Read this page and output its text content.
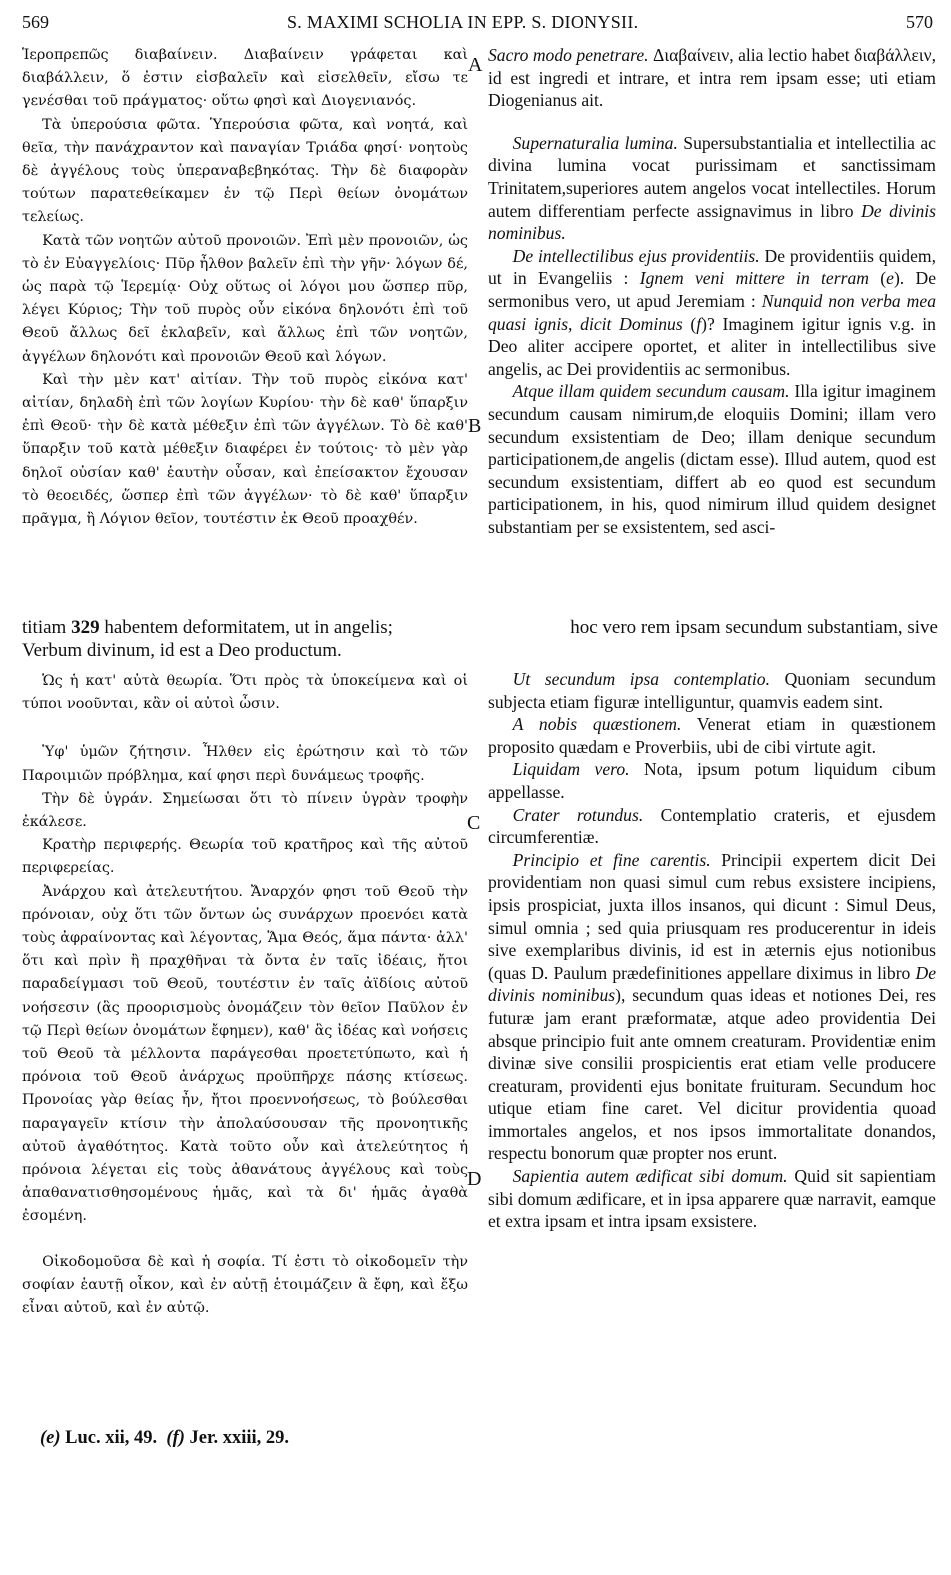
569	S. MAXIMI SCHOLIA IN EPP. S. DIONYSII.	570

Ἱεροπρεπῶς διαβαίνειν. Διαβαίνειν γράφεται καὶ διαβάλλειν, ὅ ἐστιν εἰσβαλεῖν καὶ εἰσελθεῖν, εἴσω τε γενέσθαι τοῦ πράγματος· οὕτω φησὶ καὶ Διογενιανός.

Τὰ ὑπερούσια φῶτα. Ὑπερούσια φῶτα, καὶ νοητά, καὶ θεῖα, τὴν πανάχραντον καὶ παναγίαν Τριάδα φησί· νοητοὺς δὲ ἀγγέλους τοὺς ὑπεραναβεβηκότας. Τὴν δὲ διαφορὰν τούτων παρατεθείκαμεν ἐν τῷ Περὶ θείων ὀνομάτων τελείως.

Κατὰ τῶν νοητῶν αὐτοῦ προνοιῶν. Ἐπὶ μὲν προνοιῶν, ὡς τὸ ἐν Εὐαγγελίοις· Πῦρ ἦλθον βαλεῖν ἐπὶ τὴν γῆν· λόγων δέ, ὡς παρὰ τῷ Ἱερεμίᾳ· Οὐχ οὕτως οἱ λόγοι μου ὥσπερ πῦρ, λέγει Κύριος; Τὴν τοῦ πυρὸς οὖν εἰκόνα δηλονότι ἐπὶ τοῦ Θεοῦ ἄλλως δεῖ ἐκλαβεῖν, καὶ ἄλλως ἐπὶ τῶν νοητῶν, ἀγγέλων δηλονότι καὶ προνοιῶν Θεοῦ καὶ λόγων.

Καὶ τὴν μὲν κατ' αἰτίαν. Τὴν τοῦ πυρὸς εἰκόνα κατ' αἰτίαν, δηλαδὴ ἐπὶ τῶν λογίων Κυρίου· τὴν δὲ καθ' ὕπαρξιν ἐπὶ Θεοῦ· τὴν δὲ κατὰ μέθεξιν ἐπὶ τῶν ἀγγέλων. Τὸ δὲ καθ' ὕπαρξιν τοῦ κατὰ μέθεξιν διαφέρει ἐν τούτοις· τὸ μὲν γὰρ δηλοῖ οὐσίαν καθ' ἑαυτὴν οὖσαν, καὶ ἐπείσακτον ἔχουσαν τὸ θεοειδές, ὥσπερ ἐπὶ τῶν ἀγγέλων· τὸ δὲ καθ' ὕπαρξιν πρᾶγμα, ἢ Λόγιον θεῖον, τουτέστιν ἐκ Θεοῦ προαχθέν.

Sacro modo penetrare. Διαβαίνειν, alia lectio habet διαβάλλειν, id est ingredi et intrare, et intra rem ipsam esse; uti etiam Diogenianus ait.

Supernaturalia lumina. Supersubstantialia et intellectilia ac divina lumina vocat purissimam et sanctissimam Trinitatem,superiores autem angelos vocat intellectiles. Horum autem differentiam perfecte assignavimus in libro De divinis nominibus.

De intellectilibus ejus providentiis. De providentiis quidem, ut in Evangeliis : Ignem veni mittere in terram (e). De sermonibus vero, ut apud Jeremiam : Nunquid non verba mea quasi ignis, dicit Dominus (f)? Imaginem igitur ignis v.g. in Deo aliter accipere oportet, et aliter in intellectilibus sive angelis, ac Dei providentiis ac sermonibus.

Atque illam quidem secundum causam. Illa igitur imaginem secundum causam nimirum,de eloquiis Domini; illam vero secundum exsistentiam de Deo; illam denique secundum participationem,de angelis (dictam esse). Illud autem, quod est secundum exsistentiam, differt ab eo quod est secundum participationem, in his, quod nimirum illud quidem designet substantiam per se exsistentem, sed asci-

A
B
C
D
titiam 329 habentem deformitatem, ut in angelis;	hoc vero rem ipsam secundum substantiam, sive
Verbum divinum, id est a Deo productum.

Ὡς ἡ κατ' αὐτὰ θεωρία. Ὅτι πρὸς τὰ ὑποκείμενα καὶ οἱ τύποι νοοῦνται, κἂν οἱ αὐτοὶ ὦσιν.

Ὑφ' ὑμῶν ζήτησιν. Ἦλθεν εἰς ἐρώτησιν καὶ τὸ τῶν Παροιμιῶν πρόβλημα, καί φησι περὶ δυνάμεως τροφῆς.

Τὴν δὲ ὑγράν. Σημείωσαι ὅτι τὸ πίνειν ὑγρὰν τροφὴν ἐκάλεσε.

Κρατὴρ περιφερής. Θεωρία τοῦ κρατῆρος καὶ τῆς αὐτοῦ περιφερείας.

Ἀνάρχου καὶ ἀτελευτήτου. Ἄναρχόν φησι τοῦ Θεοῦ τὴν πρόνοιαν, οὐχ ὅτι τῶν ὄντων ὡς συνάρχων προενόει κατὰ τοὺς ἀφραίνοντας καὶ λέγοντας, Ἅμα Θεός, ἅμα πάντα· ἀλλ' ὅτι καὶ πρὶν ἢ πραχθῆναι τὰ ὄντα ἐν ταῖς ἰδέαις, ἤτοι παραδείγμασι τοῦ Θεοῦ, τουτέστιν ἐν ταῖς ἀϊδίοις αὐτοῦ νοήσεσιν (ἃς προορισμοὺς ὀνομάζειν τὸν θεῖον Παῦλον ἐν τῷ Περὶ θείων ὀνομάτων ἔφημεν), καθ' ἃς ἰδέας καὶ νοήσεις τοῦ Θεοῦ τὰ μέλλοντα παράγεσθαι προετετύπωτο, καὶ ἡ πρόνοια τοῦ Θεοῦ ἀνάρχως προϋπῆρχε πάσης κτίσεως. Προνοίας γὰρ θείας ἦν, ἤτοι προεννοήσεως, τὸ βούλεσθαι παραγαγεῖν κτίσιν τὴν ἀπολαύσουσαν τῆς προνοητικῆς αὐτοῦ ἀγαθότητος. Κατὰ τοῦτο οὖν καὶ ἀτελεύτητος ἡ πρόνοια λέγεται εἰς τοὺς ἀθανάτους ἀγγέλους καὶ τοὺς ἀπαθανατισθησομένους ἡμᾶς, καὶ τὰ δι' ἡμᾶς ἀγαθὰ ἐσομένη.

Οἰκοδομοῦσα δὲ καὶ ἡ σοφία. Τί ἐστι τὸ οἰκοδομεῖν τὴν σοφίαν ἑαυτῇ οἶκον, καὶ ἐν αὐτῇ ἑτοιμάζειν ἃ ἔφη, καὶ ἔξω εἶναι αὐτοῦ, καὶ ἐν αὐτῷ.

Ut secundum ipsa contemplatio. Quoniam secundum subjecta etiam figuræ intelliguntur, quamvis eadem sint.

A nobis quæstionem. Venerat etiam in quæstionem proposito quædam e Proverbiis, ubi de cibi virtute agit.

Liquidam vero. Nota, ipsum potum liquidum cibum appellasse.

Crater rotundus. Contemplatio crateris, et ejusdem circumferentiæ.

Principio et fine carentis. Principii expertem dicit Dei providentiam non quasi simul cum rebus exsistere incipiens, ipsis prospiciat, juxta illos insanos, qui dicunt : Simul Deus, simul omnia ; sed quia priusquam res producerentur in ideis sive exemplaribus divinis, id est in æternis ejus notionibus (quas D. Paulum prædefinitiones appellare diximus in libro De divinis nominibus), secundum quas ideas et notiones Dei, res futuræ jam erant præformatæ, atque adeo providentia Dei absque principio fuit ante omnem creaturam. Providentiæ enim divinæ sive consilii prospicientis erat etiam velle producere creaturam, providenti ejus bonitate fruituram. Secundum hoc utique etiam fine caret. Vel dicitur providentia quoad immortales angelos, et nos ipsos immortalitate donandos, respectu bonorum quæ propter nos erunt.

Sapientia autem ædificat sibi domum. Quid sit sapientiam sibi domum ædificare, et in ipsa apparere quæ narravit, eamque et extra ipsam et intra ipsam exsistere.

(e) Luc. xii, 49. (f) Jer. xxiii, 29.
